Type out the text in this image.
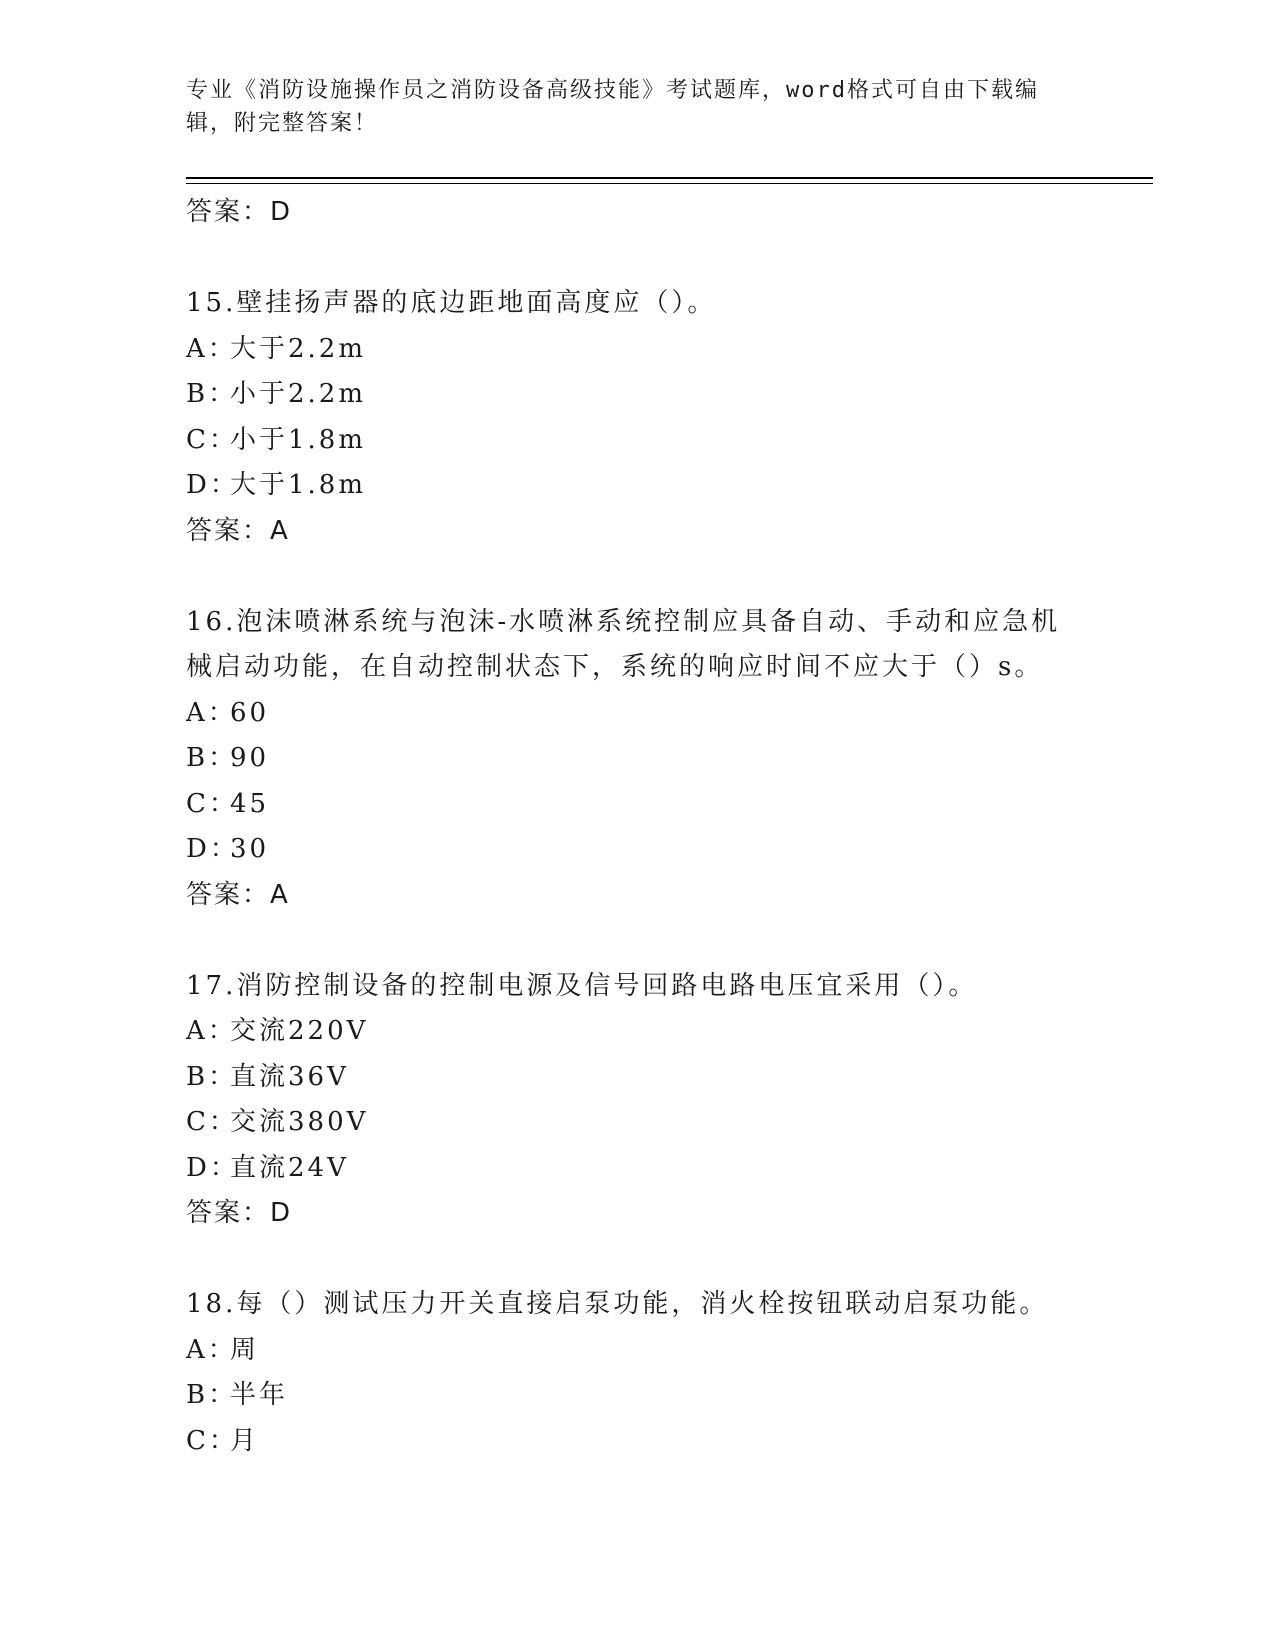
专业《消防设施操作员之消防设备高级技能》考试题库，word格式可自由下载编
辑，附完整答案！
答案：D
15.壁挂扬声器的底边距地面高度应（）。
A：大于2.2m
B：小于2.2m
C：小于1.8m
D：大于1.8m
答案：A
16.泡沫喷淋系统与泡沫-水喷淋系统控制应具备自动、手动和应急机
械启动功能，在自动控制状态下，系统的响应时间不应大于（）s。
A：60
B：90
C：45
D：30
答案：A
17.消防控制设备的控制电源及信号回路电路电压宜采用（）。
A：交流220V
B：直流36V
C：交流380V
D：直流24V
答案：D
18.每（）测试压力开关直接启泵功能，消火栓按钮联动启泵功能。
A：周
B：半年
C：月
